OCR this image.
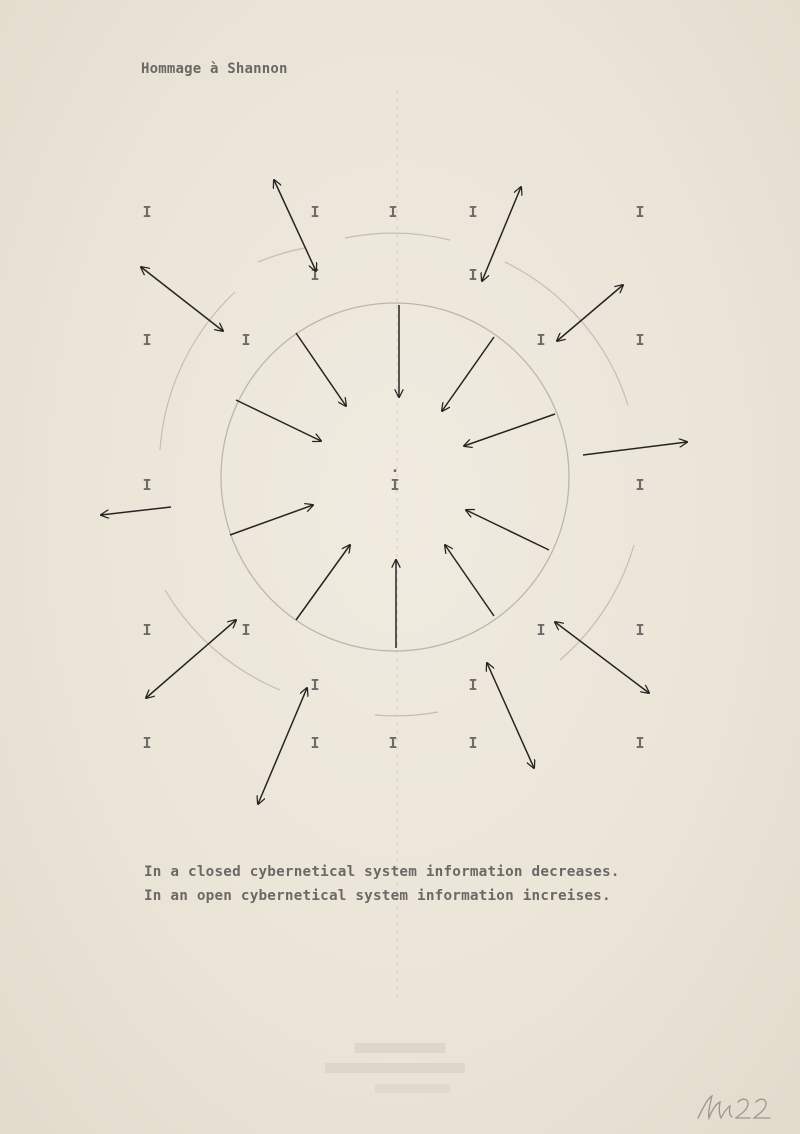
Hommage à Shannon
I	I	I	I	I
I	I
I	I	I	I
I	I	I
I	I	I	I
I	I
I	I	I	I	I
·
In a closed cybernetical system information decreases.
In an open cybernetical system information increises.
